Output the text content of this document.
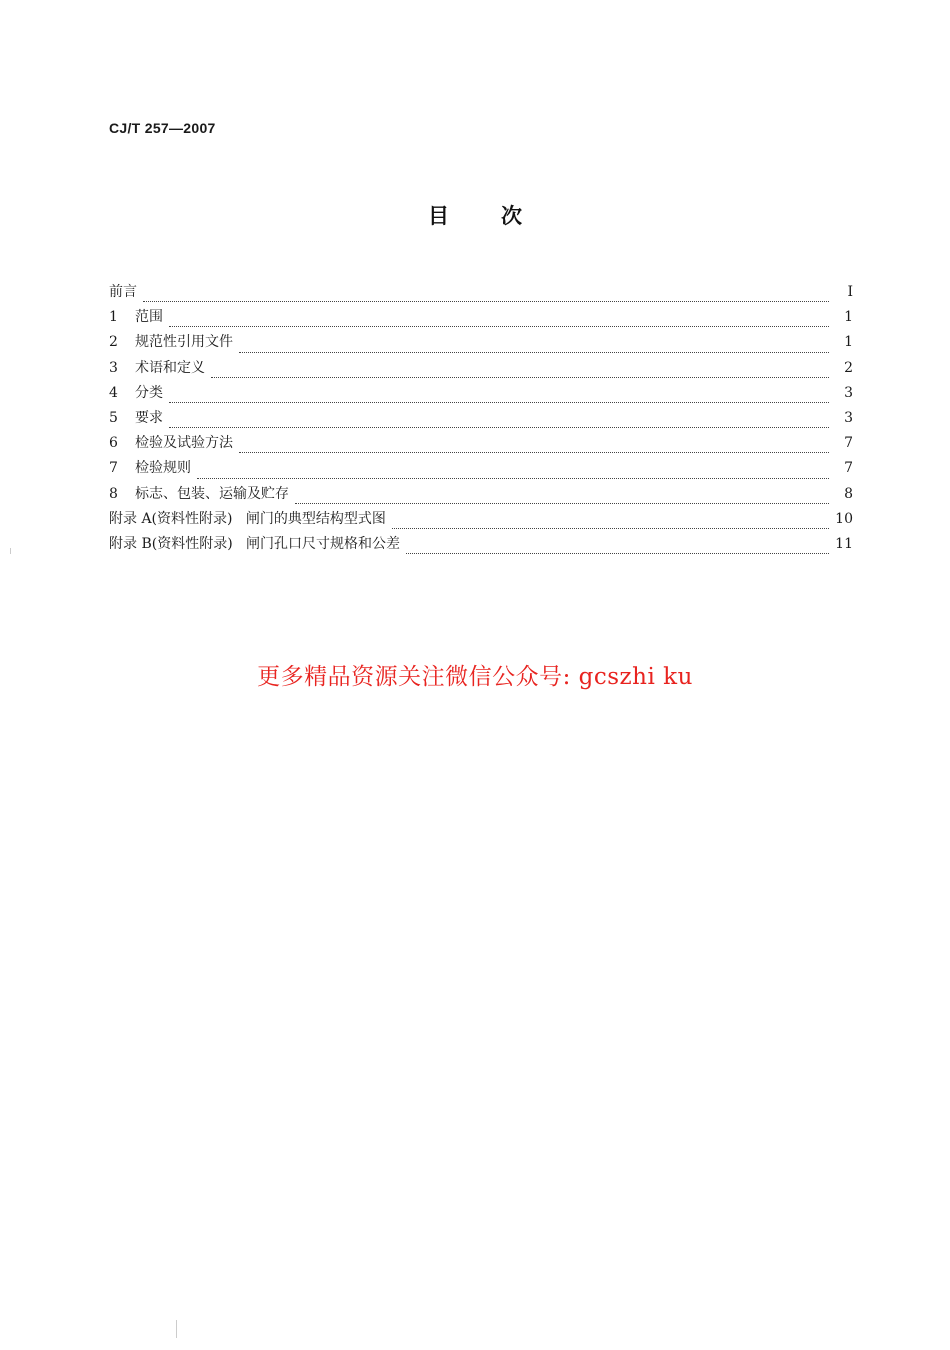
CJ/T 257—2007
目次
前言	I
1	范围	1
2	规范性引用文件	1
3	术语和定义	2
4	分类	3
5	要求	3
6	检验及试验方法	7
7	检验规则	7
8	标志、包装、运输及贮存	8
附录 A(资料性附录)   闸门的典型结构型式图	10
附录 B(资料性附录)   闸门孔口尺寸规格和公差	11
更多精品资源关注微信公众号: gcszhi ku
